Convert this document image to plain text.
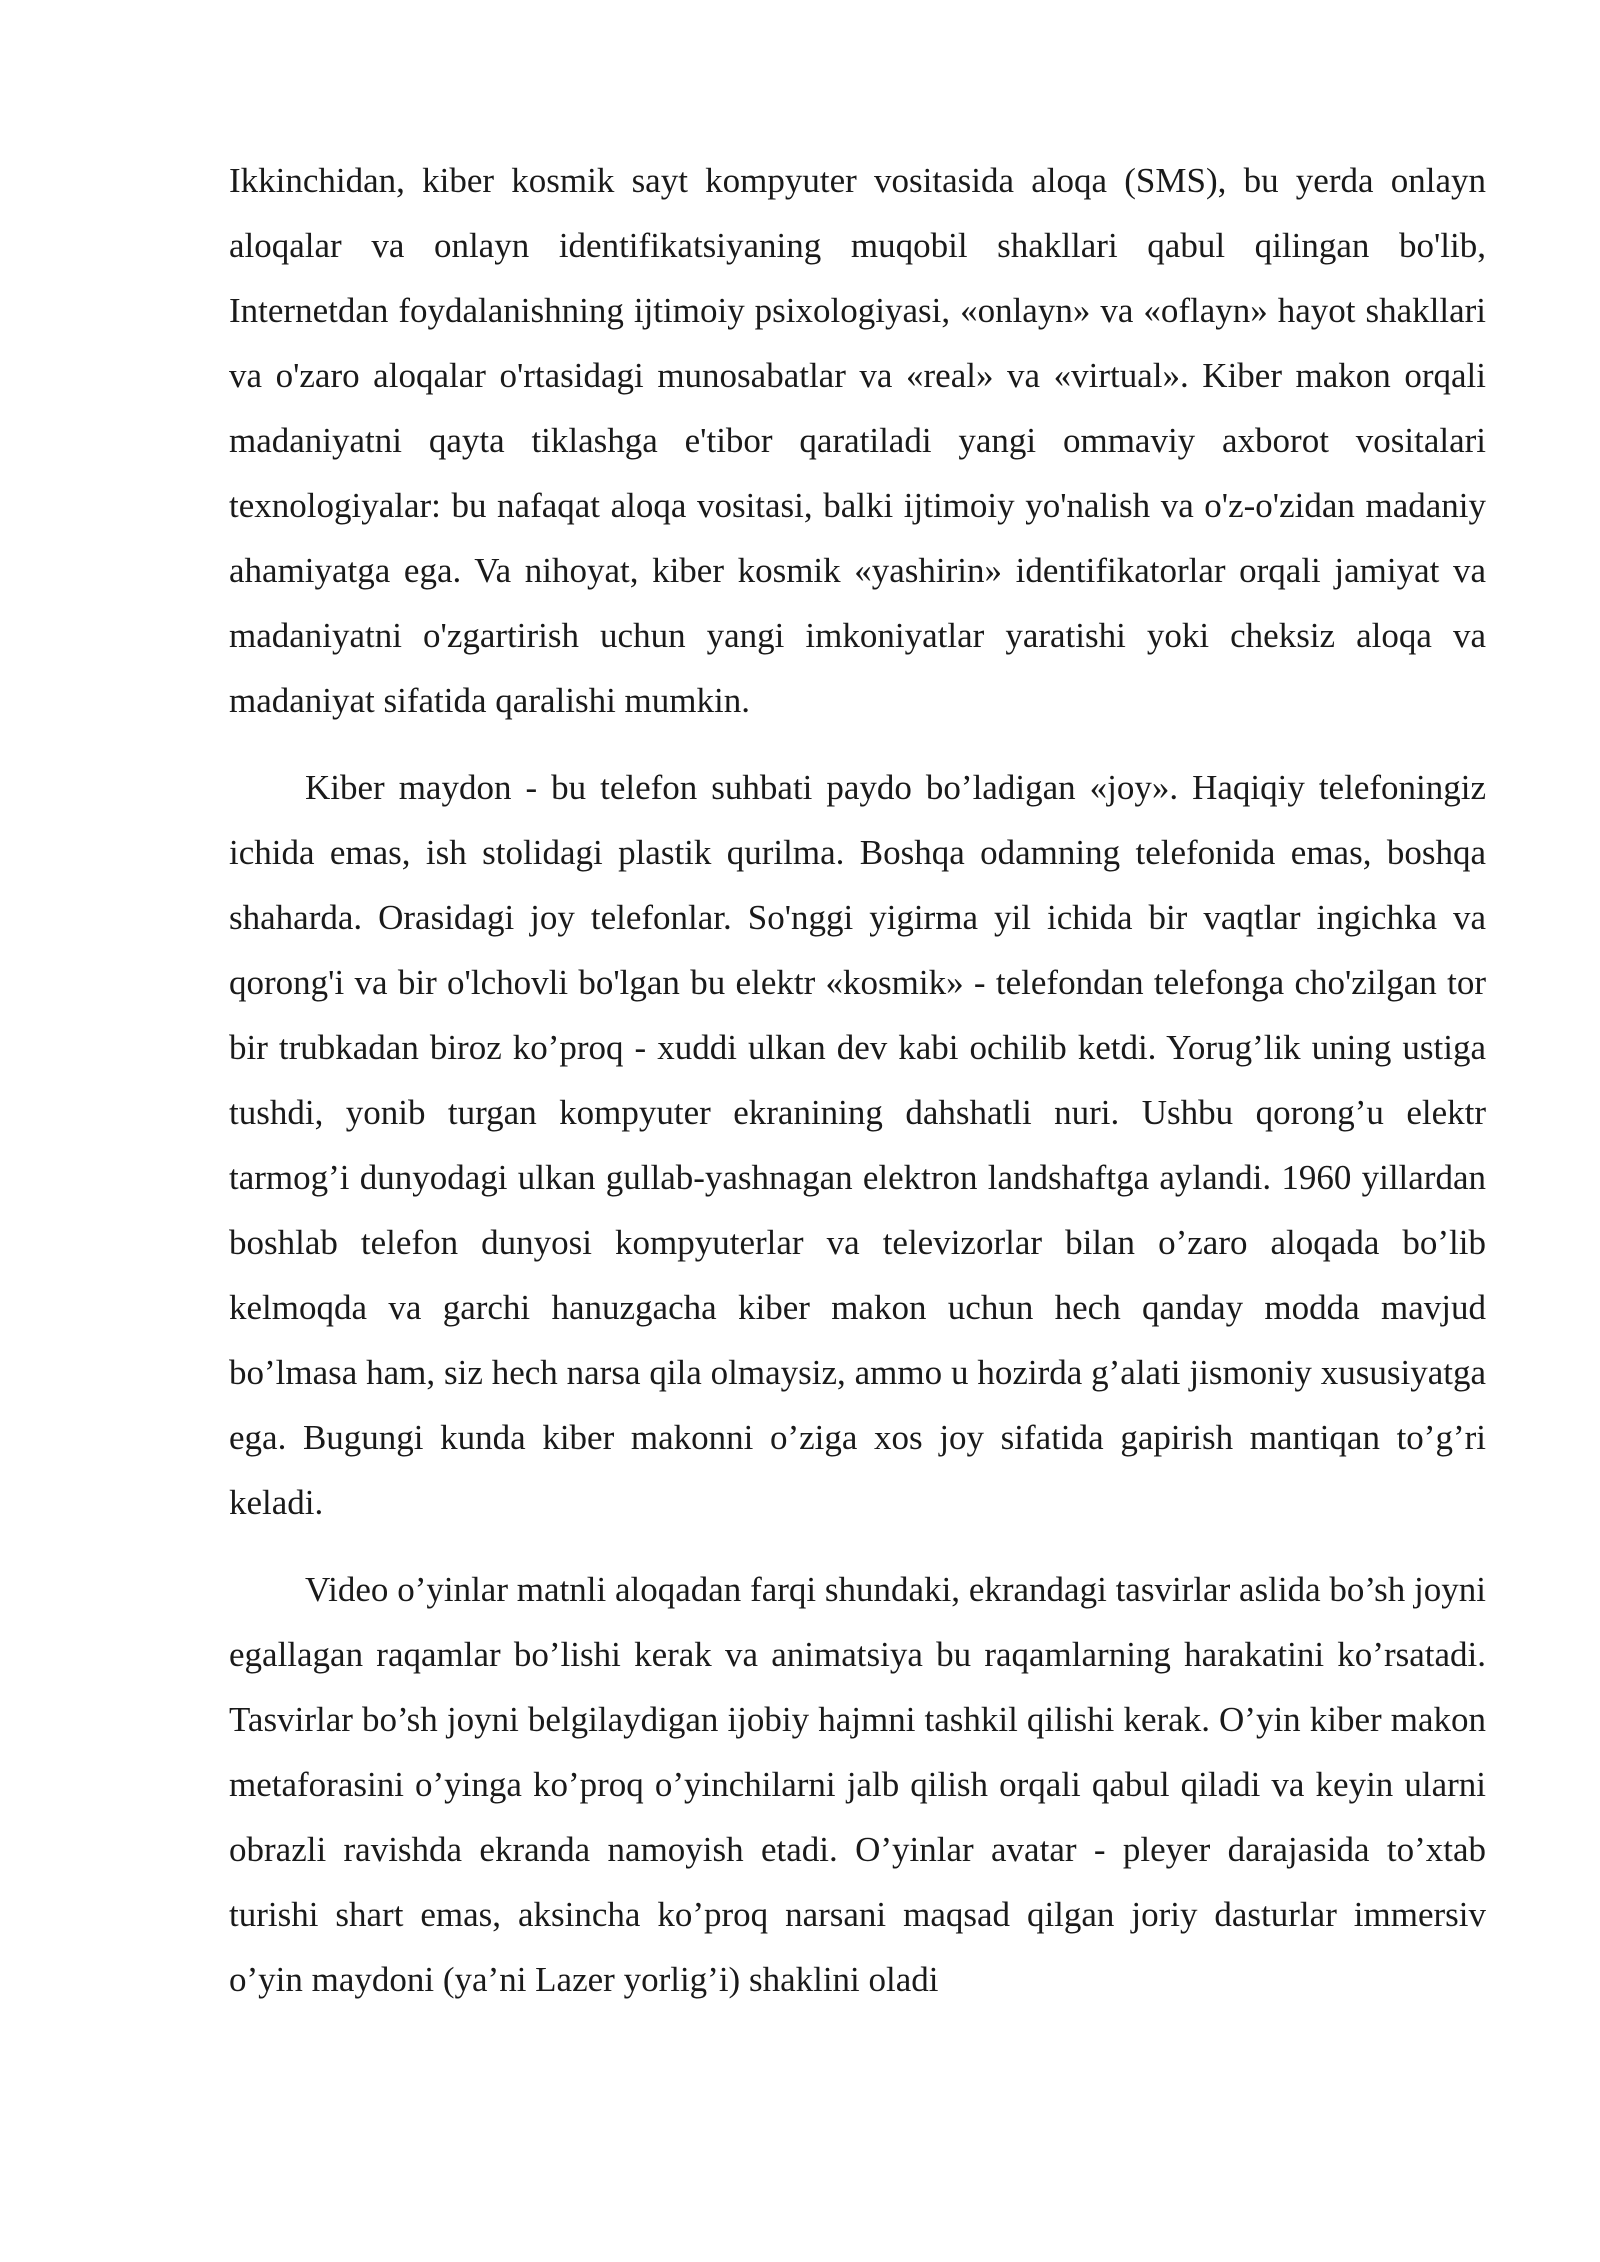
Ikkinchidan, kiber kosmik sayt kompyuter vositasida aloqa (SMS), bu yerda onlayn aloqalar va onlayn identifikatsiyaning muqobil shakllari qabul qilingan bo'lib, Internetdan foydalanishning ijtimoiy psixologiyasi, «onlayn» va «oflayn» hayot shakllari va o'zaro aloqalar o'rtasidagi munosabatlar va «real» va «virtual». Kiber makon orqali madaniyatni qayta tiklashga e'tibor qaratiladi yangi ommaviy axborot vositalari texnologiyalar: bu nafaqat aloqa vositasi, balki ijtimoiy yo'nalish va o'z-o'zidan madaniy ahamiyatga ega. Va nihoyat, kiber kosmik «yashirin» identifikatorlar orqali jamiyat va madaniyatni o'zgartirish uchun yangi imkoniyatlar yaratishi yoki cheksiz aloqa va madaniyat sifatida qaralishi mumkin.

Kiber maydon - bu telefon suhbati paydo bo’ladigan «joy». Haqiqiy telefoningiz ichida emas, ish stolidagi plastik qurilma. Boshqa odamning telefonida emas, boshqa shaharda. Orasidagi joy telefonlar. So'nggi yigirma yil ichida bir vaqtlar ingichka va qorong'i va bir o'lchovli bo'lgan bu elektr «kosmik» - telefondan telefonga cho'zilgan tor bir trubkadan biroz ko’proq - xuddi ulkan dev kabi ochilib ketdi. Yorug’lik uning ustiga tushdi, yonib turgan kompyuter ekranining dahshatli nuri. Ushbu qorong’u elektr tarmog’i dunyodagi ulkan gullab-yashnagan elektron landshaftga aylandi. 1960 yillardan boshlab telefon dunyosi kompyuterlar va televizorlar bilan o’zaro aloqada bo’lib kelmoqda va garchi hanuzgacha kiber makon uchun hech qanday modda mavjud bo’lmasa ham, siz hech narsa qila olmaysiz, ammo u hozirda g’alati jismoniy xususiyatga ega. Bugungi kunda kiber makonni o’ziga xos joy sifatida gapirish mantiqan to’g’ri keladi.

Video o’yinlar matnli aloqadan farqi shundaki, ekrandagi tasvirlar aslida bo’sh joyni egallagan raqamlar bo’lishi kerak va animatsiya bu raqamlarning harakatini ko’rsatadi. Tasvirlar bo’sh joyni belgilaydigan ijobiy hajmni tashkil qilishi kerak. O’yin kiber makon metaforasini o’yinga ko’proq o’yinchilarni jalb qilish orqali qabul qiladi va keyin ularni obrazli ravishda ekranda namoyish etadi. O’yinlar avatar - pleyer darajasida to’xtab turishi shart emas, aksincha ko’proq narsani maqsad qilgan joriy dasturlar immersiv o’yin maydoni (ya’ni Lazer yorlig’i) shaklini oladi
